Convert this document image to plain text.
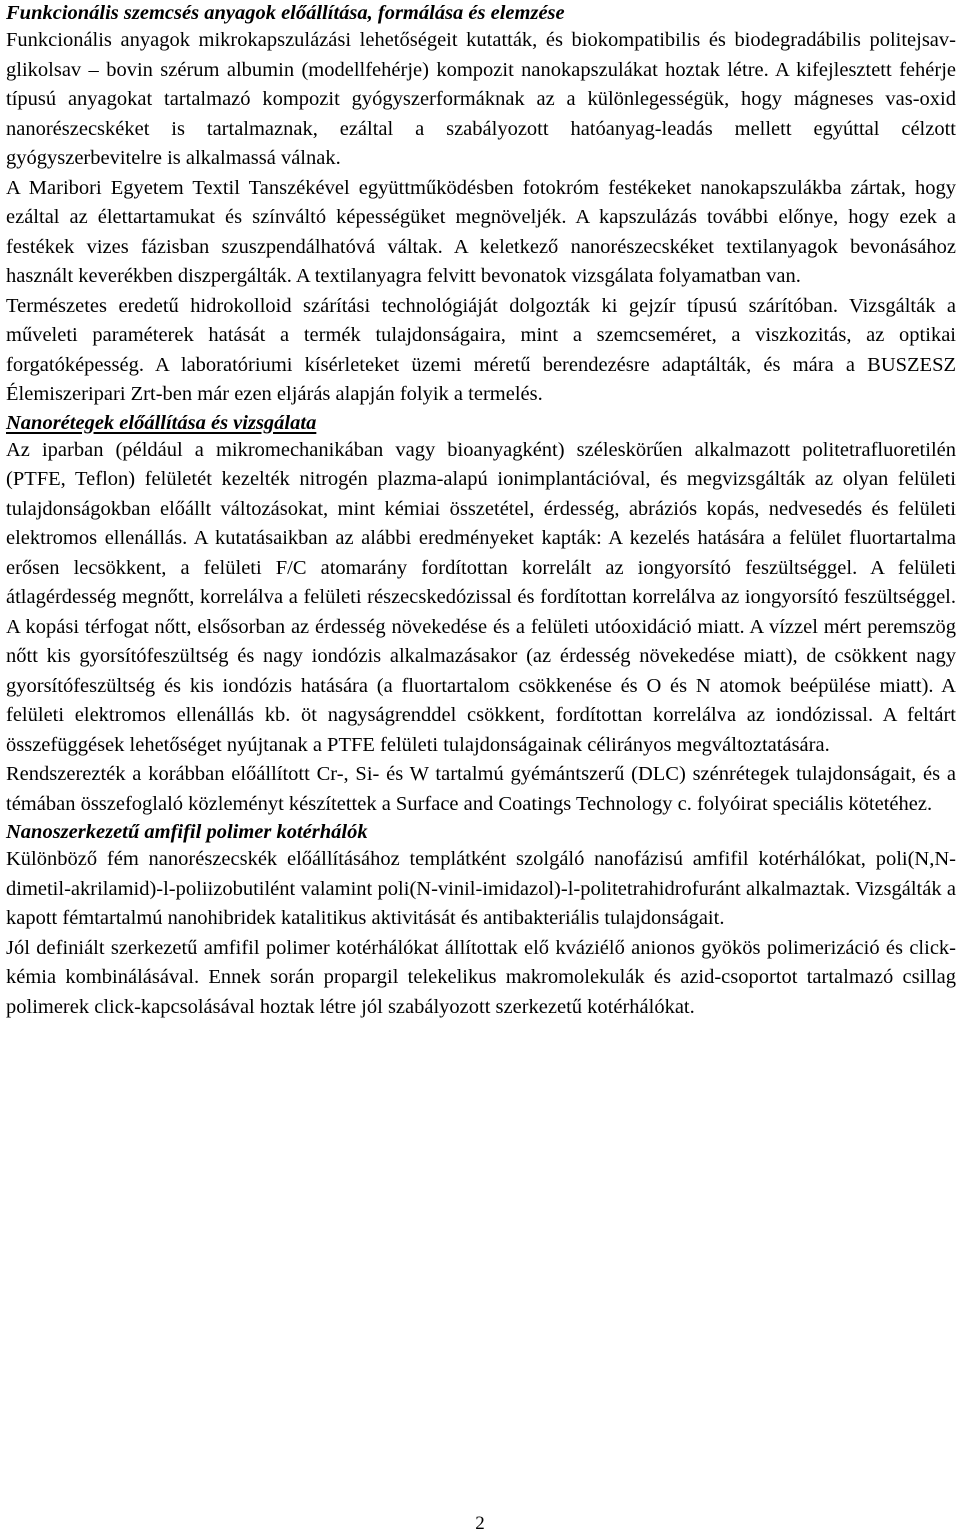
Funkcionális szemcsés anyagok előállítása, formálása és elemzése

Funkcionális anyagok mikrokapszulázási lehetőségeit kutatták, és biokompatibilis és biodegradábilis politejsav-glikolsav – bovin szérum albumin (modellfehérje) kompozit nanokapszulákat hoztak létre. A kifejlesztett fehérje típusú anyagokat tartalmazó kompozit gyógyszerformáknak az a különlegességük, hogy mágneses vas-oxid nanorészecskéket is tartalmaznak, ezáltal a szabályozott hatóanyag-leadás mellett egyúttal célzott gyógyszerbevitelre is alkalmassá válnak.

A Maribori Egyetem Textil Tanszékével együttműködésben fotokróm festékeket nanokapszulákba zártak, hogy ezáltal az élettartamukat és színváltó képességüket megnöveljék. A kapszulázás további előnye, hogy ezek a festékek vizes fázisban szuszpendálhatóvá váltak. A keletkező nanorészecskéket textilanyagok bevonásához használt keverékben diszpergálták. A textilanyagra felvitt bevonatok vizsgálata folyamatban van.

Természetes eredetű hidrokolloid szárítási technológiáját dolgozták ki gejzír típusú szárítóban. Vizsgálták a műveleti paraméterek hatását a termék tulajdonságaira, mint a szemcseméret, a viszkozitás, az optikai forgatóképesség. A laboratóriumi kísérleteket üzemi méretű berendezésre adaptálták, és mára a BUSZESZ Élemiszeripari Zrt-ben már ezen eljárás alapján folyik a termelés.

Nanorétegek előállítása és vizsgálata

Az iparban (például a mikromechanikában vagy bioanyagként) széleskörűen alkalmazott politetrafluoretilén (PTFE, Teflon) felületét kezelték nitrogén plazma-alapú ionimplantációval, és megvizsgálták az olyan felületi tulajdonságokban előállt változásokat, mint kémiai összetétel, érdesség, abráziós kopás, nedvesedés és felületi elektromos ellenállás. A kutatásaikban az alábbi eredményeket kapták: A kezelés hatására a felület fluortartalma erősen lecsökkent, a felületi F/C atomarány fordítottan korrelált az iongyorsító feszültséggel. A felületi átlagérdesség megnőtt, korrelálva a felületi részecskedózissal és fordítottan korrelálva az iongyorsító feszültséggel. A kopási térfogat nőtt, elsősorban az érdesség növekedése és a felületi utóoxidáció miatt. A vízzel mért peremszög nőtt kis gyorsítófeszültség és nagy iondózis alkalmazásakor (az érdesség növekedése miatt), de csökkent nagy gyorsítófeszültség és kis iondózis hatására (a fluortartalom csökkenése és O és N atomok beépülése miatt). A felületi elektromos ellenállás kb. öt nagyságrenddel csökkent, fordítottan korrelálva az iondózissal. A feltárt összefüggések lehetőséget nyújtanak a PTFE felületi tulajdonságainak célirányos megváltoztatására.

Rendszerezték a korábban előállított Cr-, Si- és W tartalmú gyémántszerű (DLC) szénrétegek tulajdonságait, és a témában összefoglaló közleményt készítettek a Surface and Coatings Technology c. folyóirat speciális kötetéhez.

Nanoszerkezetű amfifil polimer kotérhálók

Különböző fém nanorészecskék előállításához templátként szolgáló nanofázisú amfifil kotérhálókat, poli(N,N-dimetil-akrilamid)-l-poliizobutilént valamint poli(N-vinil-imidazol)-l-politetrahidrofuránt alkalmaztak. Vizsgálták a kapott fémtartalmú nanohibridek katalitikus aktivitását és antibakteriális tulajdonságait.

Jól definiált szerkezetű amfifil polimer kotérhálókat állítottak elő kváziélő anionos gyökös polimerizáció és click-kémia kombinálásával. Ennek során propargil telekelikus makromolekulák és azid-csoportot tartalmazó csillag polimerek click-kapcsolásával hoztak létre jól szabályozott szerkezetű kotérhálókat.

2
